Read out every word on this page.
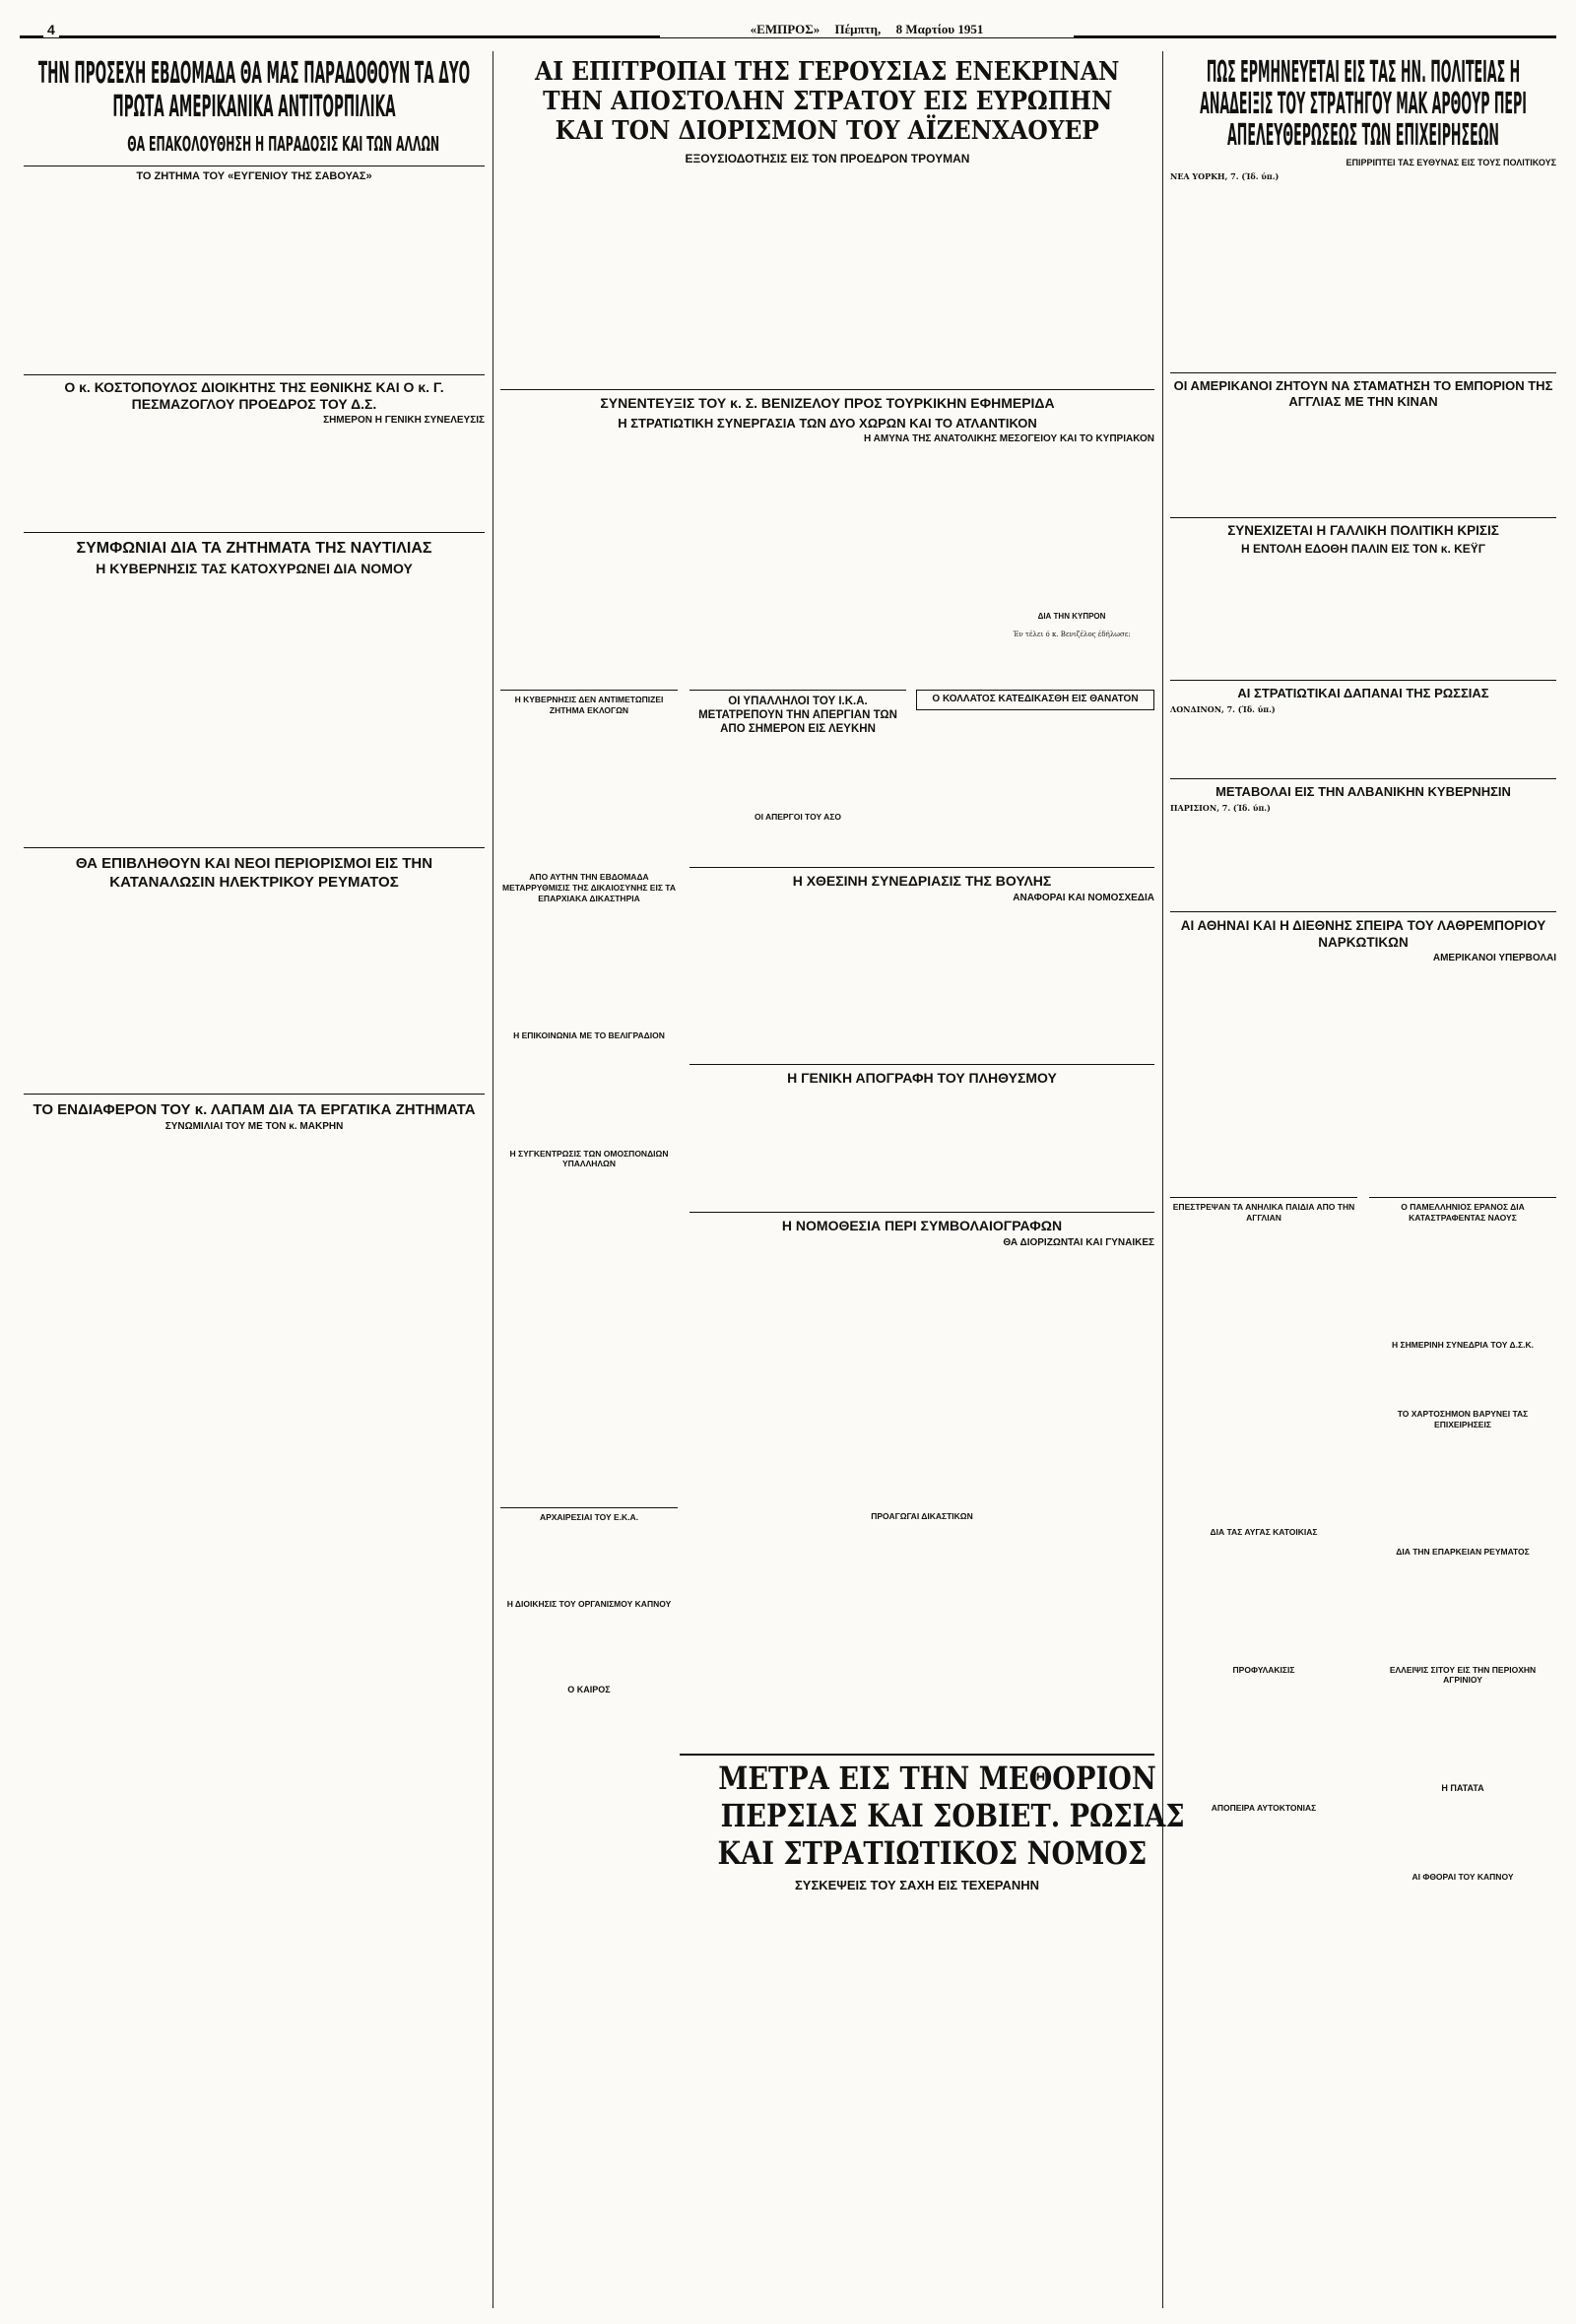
4	«ΕΜΠΡΟΣ» Πέμπτη, 8 Μαρτίου 1951
ΤΗΝ ΠΡΟΣΕΧΗ ΕΒΔΟΜΑΔΑ ΘΑ ΜΑΣ ΠΑΡΑΔΟΘΟΥΝ ΤΑ ΔΥΟ ΠΡΩΤΑ ΑΜΕΡΙΚΑΝΙΚΑ ΑΝΤΙΤΟΡΠΙΛΙΚΑ
ΘΑ ΕΠΑΚΟΛΟΥΘΗΣΗ Η ΠΑΡΑΔΟΣΙΣ ΚΑΙ ΤΩΝ ΑΛΛΩΝ
ΤΟ ΖΗΤΗΜΑ ΤΟΥ «ΕΥΓΕΝΙΟΥ ΤΗΣ ΣΑΒΟΥΑΣ»
Ο κ. ΚΟΣΤΟΠΟΥΛΟΣ ΔΙΟΙΚΗΤΗΣ ΤΗΣ ΕΘΝΙΚΗΣ ΚΑΙ Ο κ. Γ. ΠΕΣΜΑΖΟΓΛΟΥ ΠΡΟΕΔΡΟΣ ΤΟΥ Δ.Σ.
ΣΗΜΕΡΟΝ Η ΓΕΝΙΚΗ ΣΥΝΕΛΕΥΣΙΣ
ΣΥΜΦΩΝΙΑΙ ΔΙΑ ΤΑ ΖΗΤΗΜΑΤΑ ΤΗΣ ΝΑΥΤΙΛΙΑΣ
Η ΚΥΒΕΡΝΗΣΙΣ ΤΑΣ ΚΑΤΟΧΥΡΩΝΕΙ ΔΙΑ ΝΟΜΟΥ
ΘΑ ΕΠΙΒΛΗΘΟΥΝ ΚΑΙ ΝΕΟΙ ΠΕΡΙΟΡΙΣΜΟΙ ΕΙΣ ΤΗΝ ΚΑΤΑΝΑΛΩΣΙΝ ΗΛΕΚΤΡΙΚΟΥ ΡΕΥΜΑΤΟΣ
ΤΟ ΕΝΔΙΑΦΕΡΟΝ ΤΟΥ κ. ΛΑΠΑΜ ΔΙΑ ΤΑ ΕΡΓΑΤΙΚΑ ΖΗΤΗΜΑΤΑ
ΣΥΝΩΜΙΛΙΑΙ ΤΟΥ ΜΕ ΤΟΝ κ. ΜΑΚΡΗΝ
ΑΙ ΕΠΙΤΡΟΠΑΙ ΤΗΣ ΓΕΡΟΥΣΙΑΣ ΕΝΕΚΡΙΝΑΝ
ΤΗΝ ΑΠΟΣΤΟΛΗΝ ΣΤΡΑΤΟΥ ΕΙΣ ΕΥΡΩΠΗΝ
ΚΑΙ ΤΟΝ ΔΙΟΡΙΣΜΟΝ ΤΟΥ ΑΪΖΕΝΧΑΟΥΕΡ
ΕΞΟΥΣΙΟΔΟΤΗΣΙΣ ΕΙΣ ΤΟΝ ΠΡΟΕΔΡΟΝ ΤΡΟΥΜΑΝ
ΣΥΝΕΝΤΕΥΞΙΣ ΤΟΥ κ. Σ. ΒΕΝΙΖΕΛΟΥ ΠΡΟΣ ΤΟΥΡΚΙΚΗΝ ΕΦΗΜΕΡΙΔΑ
Η ΣΤΡΑΤΙΩΤΙΚΗ ΣΥΝΕΡΓΑΣΙΑ ΤΩΝ ΔΥΟ ΧΩΡΩΝ ΚΑΙ ΤΟ ΑΤΛΑΝΤΙΚΟΝ
Η ΑΜΥΝΑ ΤΗΣ ΑΝΑΤΟΛΙΚΗΣ ΜΕΣΟΓΕΙΟΥ ΚΑΙ ΤΟ ΚΥΠΡΙΑΚΟΝ
ΔΙΑ ΤΗΝ ΚΥΠΡΟΝ
Έν τέλει ό κ. Βενιζέλος έδήλωσε:
Η ΚΥΒΕΡΝΗΣΙΣ ΔΕΝ ΑΝΤΙΜΕΤΩΠΙΖΕΙ ΖΗΤΗΜΑ ΕΚΛΟΓΩΝ
ΑΠΟ ΑΥΤΗΝ ΤΗΝ ΕΒΔΟΜΑΔΑ
ΜΕΤΑΡΡΥΘΜΙΣΙΣ ΤΗΣ ΔΙΚΑΙΟΣΥΝΗΣ ΕΙΣ ΤΑ ΕΠΑΡΧΙΑΚΑ ΔΙΚΑΣΤΗΡΙΑ
Η ΕΠΙΚΟΙΝΩΝΙΑ ΜΕ ΤΟ ΒΕΛΙΓΡΑΔΙΟΝ
Η ΣΥΓΚΕΝΤΡΩΣΙΣ ΤΩΝ ΟΜΟΣΠΟΝΔΙΩΝ ΥΠΑΛΛΗΛΩΝ
ΟΙ ΥΠΑΛΛΗΛΟΙ ΤΟΥ Ι.Κ.Α. ΜΕΤΑΤΡΕΠΟΥΝ ΤΗΝ ΑΠΕΡΓΙΑΝ ΤΩΝ ΑΠΟ ΣΗΜΕΡΟΝ ΕΙΣ ΛΕΥΚΗΝ
ΟΙ ΑΠΕΡΓΟΙ ΤΟΥ ΑΣΟ
Η ΧΘΕΣΙΝΗ ΣΥΝΕΔΡΙΑΣΙΣ ΤΗΣ ΒΟΥΛΗΣ
ΑΝΑΦΟΡΑΙ ΚΑΙ ΝΟΜΟΣΧΕΔΙΑ
Η ΓΕΝΙΚΗ ΑΠΟΓΡΑΦΗ ΤΟΥ ΠΛΗΘΥΣΜΟΥ
Η ΝΟΜΟΘΕΣΙΑ ΠΕΡΙ ΣΥΜΒΟΛΑΙΟΓΡΑΦΩΝ
ΘΑ ΔΙΟΡΙΖΩΝΤΑΙ ΚΑΙ ΓΥΝΑΙΚΕΣ
ΑΡΧΑΙΡΕΣΙΑΙ ΤΟΥ Ε.Κ.Α.
Η ΔΙΟΙΚΗΣΙΣ ΤΟΥ ΟΡΓΑΝΙΣΜΟΥ ΚΑΠΝΟΥ
Ο ΚΑΙΡΟΣ
ΠΡΟΑΓΩΓΑΙ ΔΙΚΑΣΤΙΚΩΝ
ΜΕΤΡΑ ΕΙΣ ΤΗΝ ΜΕΘΟΡΙΟΝ
ΠΕΡΣΙΑΣ ΚΑΙ ΣΟΒΙΕΤ. ΡΩΣΙΑΣ
ΚΑΙ ΣΤΡΑΤΙΩΤΙΚΟΣ ΝΟΜΟΣ
ΣΥΣΚΕΨΕΙΣ ΤΟΥ ΣΑΧΗ ΕΙΣ ΤΕΧΕΡΑΝΗΝ
Ο ΚΟΛΛΑΤΟΣ ΚΑΤΕΔΙΚΑΣΘΗ ΕΙΣ ΘΑΝΑΤΟΝ
ΠΩΣ ΕΡΜΗΝΕΥΕΤΑΙ ΕΙΣ ΤΑΣ ΗΝ. ΠΟΛΙΤΕΙΑΣ Η ΑΝΑΔΕΙΞΙΣ ΤΟΥ ΣΤΡΑΤΗΓΟΥ ΜΑΚ ΑΡΘΟΥΡ ΠΕΡΙ ΑΠΕΛΕΥΘΕΡΩΣΕΩΣ ΤΩΝ ΕΠΙΧΕΙΡΗΣΕΩΝ
ΕΠΙΡΡΙΠΤΕΙ ΤΑΣ ΕΥΘΥΝΑΣ ΕΙΣ ΤΟΥΣ ΠΟΛΙΤΙΚΟΥΣ
ΝΕΑ ΥΟΡΚΗ, 7. (Ίδ. ύπ.)
ΟΙ ΑΜΕΡΙΚΑΝΟΙ ΖΗΤΟΥΝ ΝΑ ΣΤΑΜΑΤΗΣΗ ΤΟ ΕΜΠΟΡΙΟΝ ΤΗΣ ΑΓΓΛΙΑΣ ΜΕ ΤΗΝ ΚΙΝΑΝ
ΣΥΝΕΧΙΖΕΤΑΙ Η ΓΑΛΛΙΚΗ ΠΟΛΙΤΙΚΗ ΚΡΙΣΙΣ
Η ΕΝΤΟΛΗ ΕΔΟΘΗ ΠΑΛΙΝ ΕΙΣ ΤΟΝ κ. ΚΕΫΓ
ΑΙ ΣΤΡΑΤΙΩΤΙΚΑΙ ΔΑΠΑΝΑΙ ΤΗΣ ΡΩΣΣΙΑΣ
ΛΟΝΔΙΝΟΝ, 7. (Ίδ. ύπ.)
ΜΕΤΑΒΟΛΑΙ ΕΙΣ ΤΗΝ ΑΛΒΑΝΙΚΗΝ ΚΥΒΕΡΝΗΣΙΝ
ΠΑΡΙΣΙΟΝ, 7. (Ίδ. ύπ.)
ΑΙ ΑΘΗΝΑΙ ΚΑΙ Η ΔΙΕΘΝΗΣ ΣΠΕΙΡΑ ΤΟΥ ΛΑΘΡΕΜΠΟΡΙΟΥ ΝΑΡΚΩΤΙΚΩΝ
ΑΜΕΡΙΚΑΝΟΙ ΥΠΕΡΒΟΛΑΙ
ΕΠΕΣΤΡΕΨΑΝ ΤΑ ΑΝΗΛΙΚΑ ΠΑΙΔΙΑ ΑΠΟ ΤΗΝ ΑΓΓΛΙΑΝ
ΔΙΑ ΤΑΣ ΑΥΓΑΣ ΚΑΤΟΙΚΙΑΣ
ΠΡΟΦΥΛΑΚΙΣΙΣ
ΑΠΟΠΕΙΡΑ ΑΥΤΟΚΤΟΝΙΑΣ
Ο ΠΑΜΕΛΛΗΝΙΟΣ ΕΡΑΝΟΣ ΔΙΑ ΚΑΤΑΣΤΡΑΦΕΝΤΑΣ ΝΑΟΥΣ
Η ΣΗΜΕΡΙΝΗ ΣΥΝΕΔΡΙΑ ΤΟΥ Δ.Σ.Κ.
ΤΟ ΧΑΡΤΟΣΗΜΟΝ ΒΑΡΥΝΕΙ ΤΑΣ ΕΠΙΧΕΙΡΗΣΕΙΣ
ΔΙΑ ΤΗΝ ΕΠΑΡΚΕΙΑΝ ΡΕΥΜΑΤΟΣ
ΕΛΛΕΙΨΙΣ ΣΙΤΟΥ ΕΙΣ ΤΗΝ ΠΕΡΙΟΧΗΝ ΑΓΡΙΝΙΟΥ
Η ΠΑΤΑΤΑ
ΑΙ ΦΘΟΡΑΙ ΤΟΥ ΚΑΠΝΟΥ
